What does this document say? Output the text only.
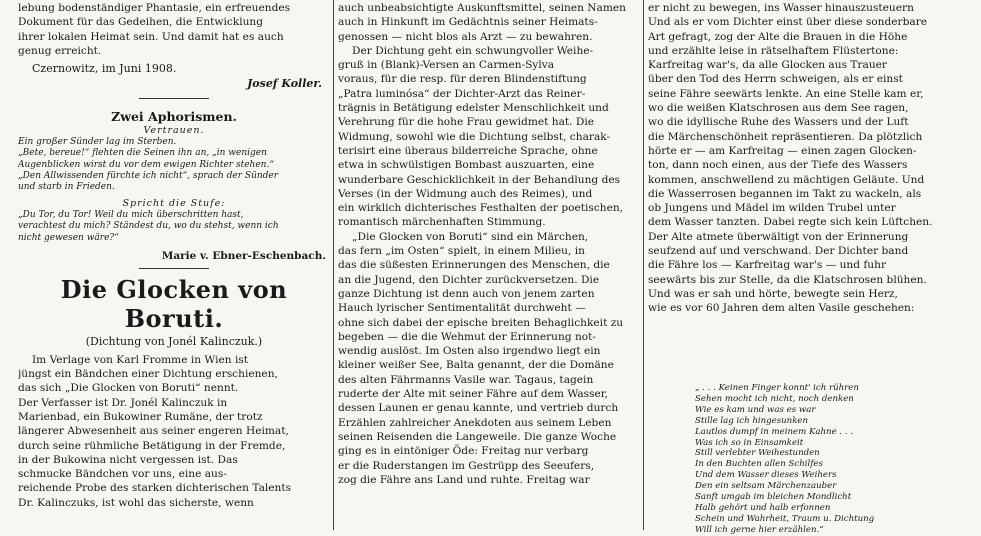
lebung bodenständiger Phantasie, ein erfreuendes
Dokument für das Gedeihen, die Entwicklung
ihrer lokalen Heimat sein. Und damit hat es auch
genug erreicht.
Czernowitz, im Juni 1908.
Josef Koller.
Zwei Aphorismen.
Vertrauen.
Ein großer Sünder lag im Sterben.
„Bete, bereue!“ flehten die Seinen ihn an, „in wenigen
Augenblicken wirst du vor dem ewigen Richter stehen.“
„Den Allwissenden fürchte ich nicht“, sprach der Sünder
und starb in Frieden.
Spricht die Stufe:
„Du Tor, du Tor! Weil du mich überschritten hast,
verachtest du mich? Ständest du, wo du stehst, wenn ich
nicht gewesen wäre?“
Marie v. Ebner-Eschenbach.
Die Glocken von Boruti.
(Dichtung von Jonél Kalinczuk.)
Im Verlage von Karl Fromme in Wien ist
jüngst ein Bändchen einer Dichtung erschienen,
das sich „Die Glocken von Boruti“ nennt.
Der Verfasser ist Dr. Jonél Kalinczuk in
Marienbad, ein Bukowiner Rumäne, der trotz
längerer Abwesenheit aus seiner engeren Heimat,
durch seine rühmliche Betätigung in der Fremde,
in der Bukowina nicht vergessen ist. Das
schmucke Bändchen vor uns, eine aus-
reichende Probe des starken dichterischen Talents
Dr. Kalinczuks, ist wohl das sicherste, wenn
auch unbeabsichtigte Auskunftsmittel, seinen Namen
auch in Hinkunft im Gedächtnis seiner Heimats-
genossen — nicht blos als Arzt — zu bewahren.
Der Dichtung geht ein schwungvoller Weihe-
gruß in (Blank)-Versen an Carmen-Sylva
voraus, für die resp. für deren Blindenstiftung
„Patra luminósa“ der Dichter-Arzt das Reiner-
trägnis in Betätigung edelster Menschlichkeit und
Verehrung für die hohe Frau gewidmet hat. Die
Widmung, sowohl wie die Dichtung selbst, charak-
terisirt eine überaus bilderreiche Sprache, ohne
etwa in schwülstigen Bombast auszuarten, eine
wunderbare Geschicklichkeit in der Behandlung des
Verses (in der Widmung auch des Reimes), und
ein wirklich dichterisches Festhalten der poetischen,
romantisch märchenhaften Stimmung.
„Die Glocken von Boruti“ sind ein Märchen,
das fern „im Osten“ spielt, in einem Milieu, in
das die süßesten Erinnerungen des Menschen, die
an die Jugend, den Dichter zurückversetzen. Die
ganze Dichtung ist denn auch von jenem zarten
Hauch lyrischer Sentimentalität durchweht —
ohne sich dabei der epische breiten Behaglichkeit zu
begeben — die die Wehmut der Erinnerung not-
wendig auslöst. Im Osten also irgendwo liegt ein
kleiner weißer See, Balta genannt, der die Domäne
des alten Fährmanns Vasile war. Tagaus, tagein
ruderte der Alte mit seiner Fähre auf dem Wasser,
dessen Launen er genau kannte, und vertrieb durch
Erzählen zahlreicher Anekdoten aus seinem Leben
seinen Reisenden die Langeweile. Die ganze Woche
ging es in eintöniger Öde: Freitag nur verbarg
er die Ruderstangen im Gestrüpp des Seeufers,
zog die Fähre ans Land und ruhte. Freitag war
er nicht zu bewegen, ins Wasser hinauszusteuern
Und als er vom Dichter einst über diese sonderbare
Art gefragt, zog der Alte die Brauen in die Höhe
und erzählte leise in rätselhaftem Flüstertone:
Karfreitag war's, da alle Glocken aus Trauer
über den Tod des Herrn schweigen, als er einst
seine Fähre seewärts lenkte. An eine Stelle kam er,
wo die weißen Klatschrosen aus dem See ragen,
wo die idyllische Ruhe des Wassers und der Luft
die Märchenschönheit repräsentieren. Da plötzlich
hörte er — am Karfreitag — einen zagen Glocken-
ton, dann noch einen, aus der Tiefe des Wassers
kommen, anschwellend zu mächtigen Geläute. Und
die Wasserrosen begannen im Takt zu wackeln, als
ob Jungens und Mädel im wilden Trubel unter
dem Wasser tanzten. Dabei regte sich kein Lüftchen.
Der Alte atmete überwältigt von der Erinnerung
seufzend auf und verschwand. Der Dichter band
die Fähre los — Karfreitag war's — und fuhr
seewärts bis zur Stelle, da die Klatschrosen blühen.
Und was er sah und hörte, bewegte sein Herz,
wie es vor 60 Jahren dem alten Vasile geschehen:
„ . . . Keinen Finger konnt' ich rühren
Sehen mocht ich nicht, noch denken
Wie es kam und was es war
Stille lag ich hingesunken
Lautlos dumpf in meinem Kahne . . .
Was ich so in Einsamkeit
Still verlebter Weihestunden
In den Buchten allen Schilfes
Und dem Wasser dieses Weihers
Den ein seltsam Märchenzauber
Sanft umgab im bleichen Mondlicht
Halb gehört und halb erfonnen
Schein und Wahrheit, Traum u. Dichtung
Will ich gerne hier erzählen.“
